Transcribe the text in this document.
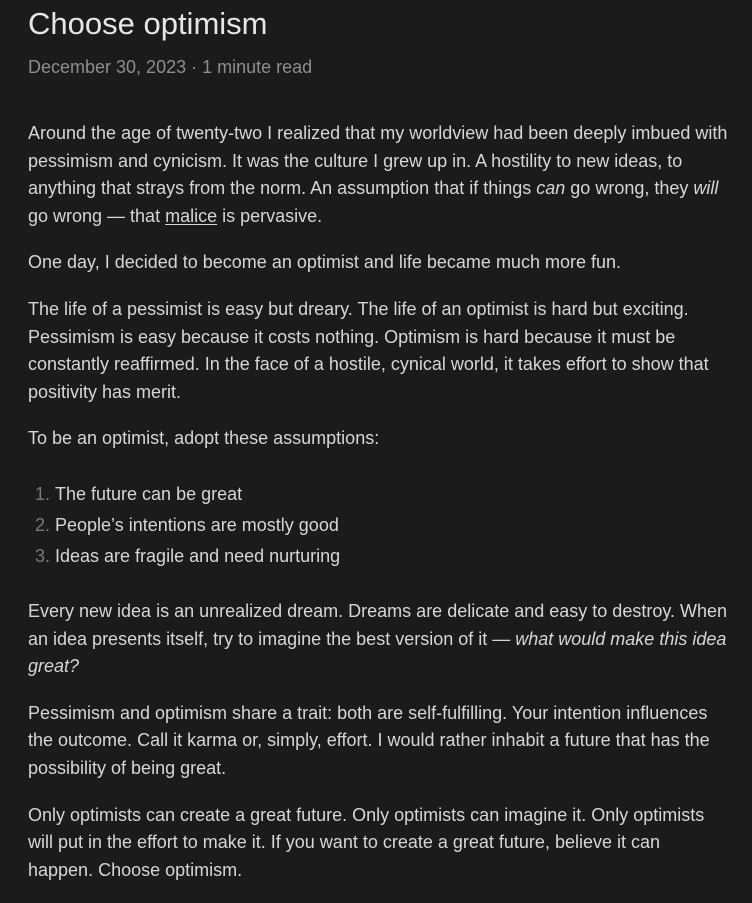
Choose optimism
December 30, 2023 · 1 minute read

Around the age of twenty-two I realized that my worldview had been deeply imbued with pessimism and cynicism. It was the culture I grew up in. A hostility to new ideas, to anything that strays from the norm. An assumption that if things can go wrong, they will go wrong — that malice is pervasive.

One day, I decided to become an optimist and life became much more fun.

The life of a pessimist is easy but dreary. The life of an optimist is hard but exciting. Pessimism is easy because it costs nothing. Optimism is hard because it must be constantly reaffirmed. In the face of a hostile, cynical world, it takes effort to show that positivity has merit.

To be an optimist, adopt these assumptions:

1. The future can be great
2. People’s intentions are mostly good
3. Ideas are fragile and need nurturing

Every new idea is an unrealized dream. Dreams are delicate and easy to destroy. When an idea presents itself, try to imagine the best version of it — what would make this idea great?

Pessimism and optimism share a trait: both are self-fulfilling. Your intention influences the outcome. Call it karma or, simply, effort. I would rather inhabit a future that has the possibility of being great.

Only optimists can create a great future. Only optimists can imagine it. Only optimists will put in the effort to make it. If you want to create a great future, believe it can happen. Choose optimism.
